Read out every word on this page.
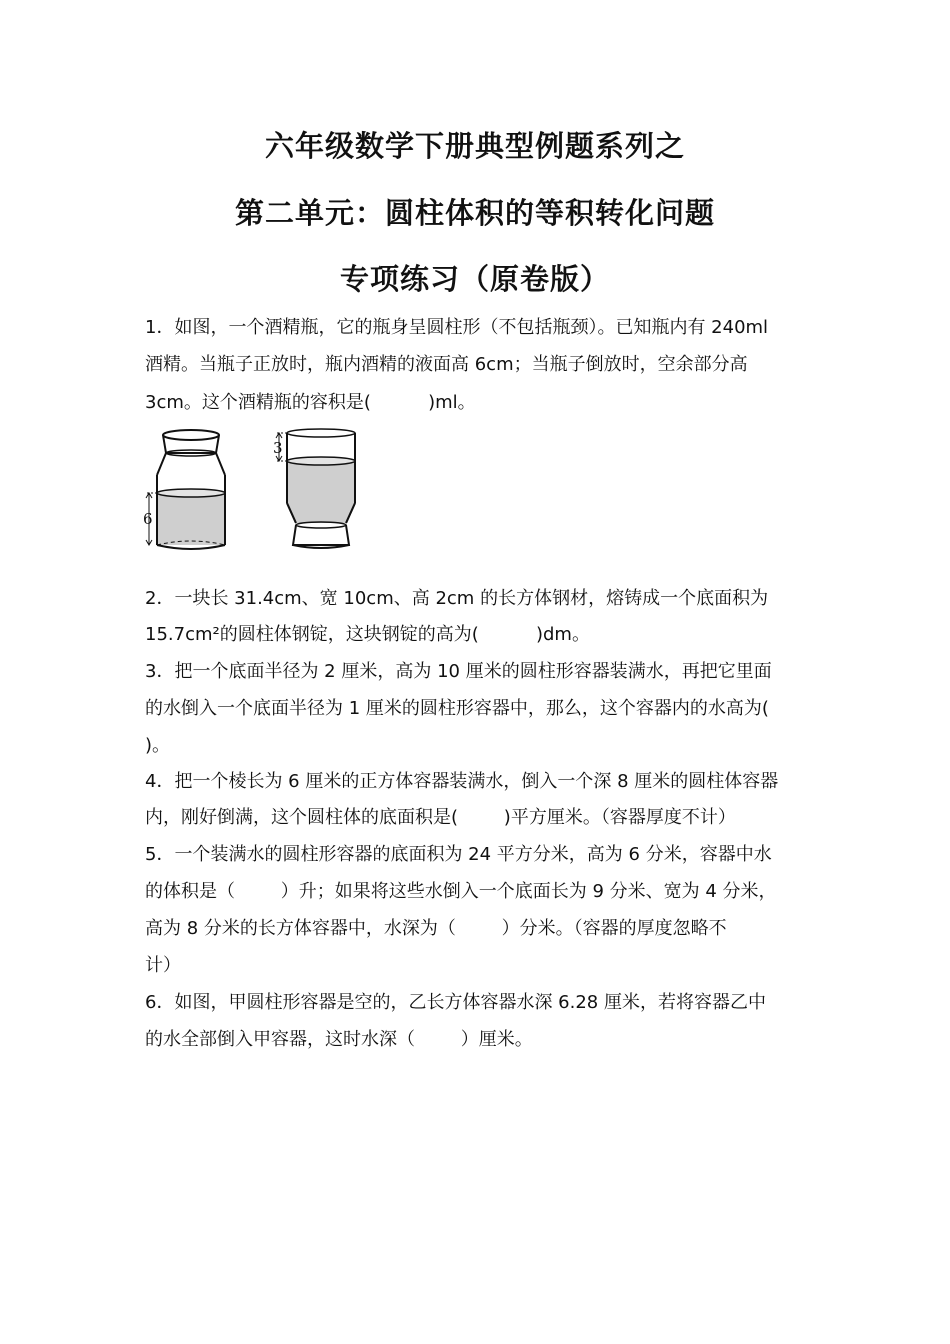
六年级数学下册典型例题系列之
第二单元：圆柱体积的等积转化问题
专项练习（原卷版）

1．如图，一个酒精瓶，它的瓶身呈圆柱形（不包括瓶颈）。已知瓶内有 240ml

酒精。当瓶子正放时，瓶内酒精的液面高 6cm；当瓶子倒放时，空余部分高

3cm。这个酒精瓶的容积是(          )ml。

6
3

2．一块长 31.4cm、宽 10cm、高 2cm 的长方体钢材，熔铸成一个底面积为

15.7cm²的圆柱体钢锭，这块钢锭的高为(          )dm。

3．把一个底面半径为 2 厘米，高为 10 厘米的圆柱形容器装满水，再把它里面

的水倒入一个底面半径为 1 厘米的圆柱形容器中，那么，这个容器内的水高为(

)。

4．把一个棱长为 6 厘米的正方体容器装满水，倒入一个深 8 厘米的圆柱体容器

内，刚好倒满，这个圆柱体的底面积是(        )平方厘米。（容器厚度不计）

5．一个装满水的圆柱形容器的底面积为 24 平方分米，高为 6 分米，容器中水

的体积是（        ）升；如果将这些水倒入一个底面长为 9 分米、宽为 4 分米，

高为 8 分米的长方体容器中，水深为（        ）分米。（容器的厚度忽略不

计）

6．如图，甲圆柱形容器是空的，乙长方体容器水深 6.28 厘米，若将容器乙中

的水全部倒入甲容器，这时水深（        ）厘米。
